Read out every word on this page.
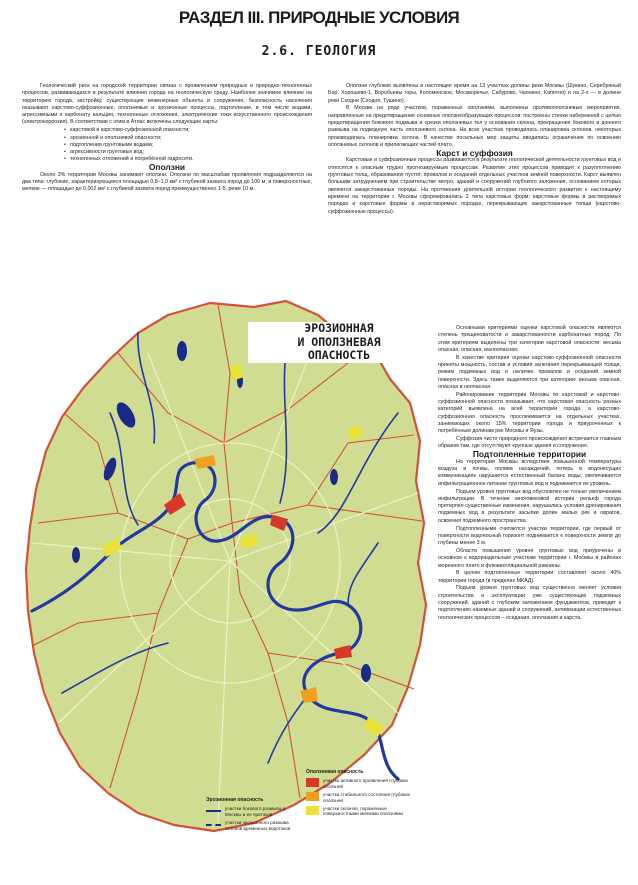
РАЗДЕЛ III. ПРИРОДНЫЕ УСЛОВИЯ
2.6. ГЕОЛОГИЯ

Геологический риск на городской территории связан с проявлением природных и природно-техногенных процессов, развивающихся в результате влияния города на геологическую среду. Наиболее значимое влияние на территорию города, застройку, существующие инженерные объекты и сооружения, безопасность населения оказывают карстово-суффозионные, оползневые и эрозионные процессы, подтопление, в том числе водами, агрессивными к карбонату кальция, техногенные отложения, электрические токи искусственного происхождения (электрокоррозия). В соответствии с этим в Атлас включены следующие карты:

• карстовой и карстово-суффозионной опасности;
• эрозионной и оползневой опасности;
• подтопления грунтовыми водами;
• агрессивности грунтовых вод;
• техногенных отложений и погребённой гидросети.

Оползни

Около 3% территории Москвы занимают оползни. Оползни по масштабам проявления подразделяются на два типа: глубокие, характеризующиеся площадью 0,8–1,0 км² с глубиной захвата пород до 100 м, и поверхностные, мелкие — площадью до 0,002 км² с глубиной захвата пород преимущественно 1-5, реже 10 м.

Оползни глубокие выявлены в настоящее время на 13 участках долины реки Москвы (Шукино, Серебряный Бор, Хорошево-1, Воробьевы горы, Коломенское, Москворечье, Сабурово, Чапнино, Капотня) и на 2-х — в долине реки Сходни (Сходня, Тушино).

В Москве на ряде участков, пораженных оползнями, выполнены противооползневые мероприятия, направленные на предотвращение основных оползнеобразующих процессов: построены стенки набережной с целью предотвращения бокового подмыва и срезки оползневых тел у основания склона, прекращение бокового и донного размыва на подводную часть оползневого склона. На всех участках проводилась планировка склонов, некоторых производилась планировка склона. В качестве посильных мер защиты вводились ограничения по освоению оползневых склонов и прилегающих частей плато.

Карст и суффозия

Карстовые и суффозионные процессы развиваются в результате геологической деятельности грунтовых вод и относятся к опасным трудно прогнозируемым процессам. Развитие этих процессов приводит к разуплотнению грунтовых толщ, образованию пустот, провалов и оседаний отдельных участков земной поверхности. Карст выявлен большим затруднением при строительстве метро, зданий и сооружений глубокого заложения, основанием которых являются закарстованные породы. На протяжении длительной истории геологического развития к настоящему времени на территории г. Москвы сформировались 2 типа карстовых форм: карстовые формы в растворимых породах и карстовые формы в нерастворимых породах, перекрывающих закарстованные толщи (карстово-суффозионные процессы).

Основными критериями оценки карстовой опасности являются степень трещиноватости и закарстованности карбонатных пород. По этим критериям выделены три категории карстовой опасности: весьма опасная, опасная, малоопасная.

В качестве критерия оценки карстово-суффозионной опасности приняты мощность, состав и условия залегания перекрывающей толщи, режим подземных вод и наличие провалов и оседаний земной поверхности. Здесь также выделяются три категории: весьма опасная, опасная и неопасная.

Районирование территории Москвы по карстовой и карстово-суффозионной опасности показывает, что карстовая опасность разных категорий выявлена на всей территории города, а карстово-суффозионная опасность прослеживается на отдельных участках, занимающих около 15% территории города и приуроченных к погребённым долинам рек Москвы и Яузы.

Суффозия чисто природного происхождения встречается главным образом там, где отсутствуют крупные здания и сооружения.

Подтопленные территории

На территории Москвы вследствие повышенной температуры воздуха и почвы, полива насаждений, потерь в водонесущих коммуникациях нарушается естественный баланс воды, увеличивается инфильтрационное питание грунтовых вод и поднимается их уровень.

Подъем уровня грунтовых вод обусловлен не только увеличением инфильтрации. В течение многовековой истории рельеф города претерпел существенные изменения, нарушались условия дренирования подземных вод в результате засыпки долин малых рек и оврагов, освоения подземного пространства.

Подтопленными считаются участки территории, где первый от поверхности водоносный горизонт поднимается к поверхности земли до глубины менее 3 м.

Области повышения уровня грунтовых вод приурочены в основном к водораздельным участкам территории г. Москвы в районах моренного плато и флювиогляциальной равнины.

В целом подтопленные территории составляют около 40% территории города (в пределах МКАД).

Подъем уровня грунтовых вод существенно меняет условия строительства и эксплуатации уже существующих подземных сооружений, зданий с глубоким заложением фундаментов, приводит к подтоплению наземных зданий и сооружений, активизации естественных геологических процессов – оседания, оползания и карста.

ЭРОЗИОННАЯ
И ОПОЛЗНЕВАЯ
ОПАСНОСТЬ
Оползневая опасность
участки активного проявления глубоких оползней
участки стабильного состояния глубоких оползней
участки склонов, пораженные поверхностными мелкими оползнями
Эрозионная опасность
участки бокового размыва р. Москвы и ее притоков
участки эрозионного размыва склонов временных водотоков
